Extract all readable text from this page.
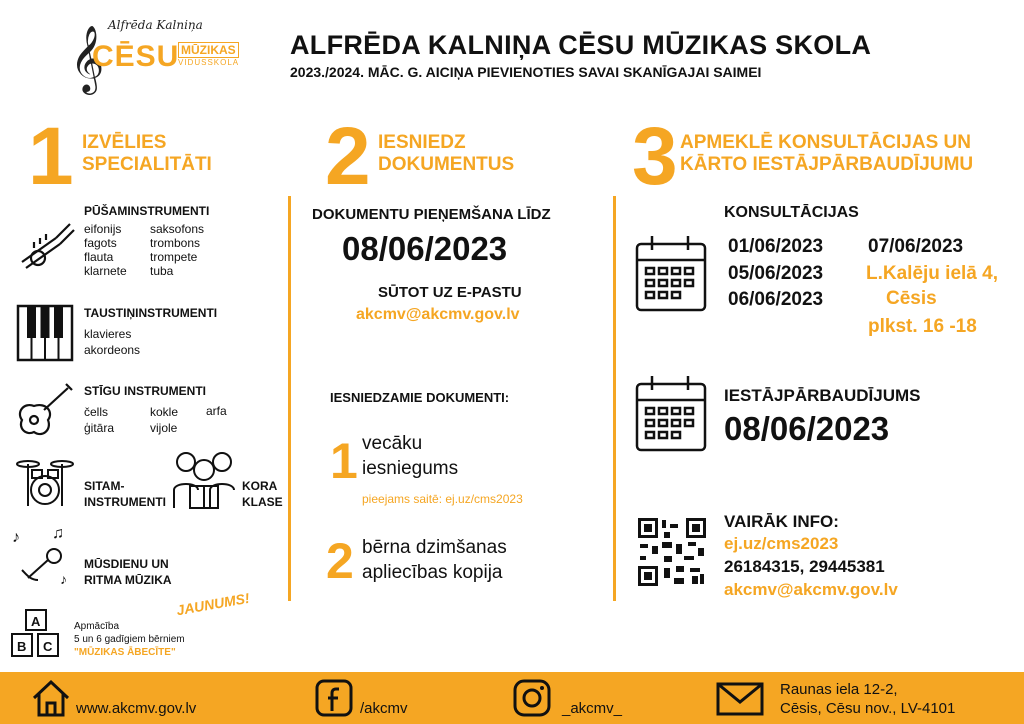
𝄞 Alfrēda Kalniņa
CĒSU MŪZIKAS
VIDUSSKOLA
ALFRĒDA KALNIŅA CĒSU MŪZIKAS SKOLA
2023./2024. MĀC. G. AICIŅA PIEVIENOTIES SAVAI SKANĪGAJAI SAIMEI
1 IZVĒLIES
SPECIALITĀTI
PŪŠAMINSTRUMENTI
eifonijs
fagots
flauta
klarnete
saksofons
trombons
trompete
tuba
TAUSTIŅINSTRUMENTI
klavieres
akordeons
STĪGU INSTRUMENTI
čells
ģitāra
kokle
vijole
arfa
SITAM-
INSTRUMENTI
KORA
KLASE
♪ ♫
♪
MŪSDIENU UN
RITMA MŪZIKA
A
B C
JAUNUMS!
Apmācība
5 un 6 gadīgiem bērniem
"MŪZIKAS ĀBECĪTE"
2 IESNIEDZ
DOKUMENTUS
DOKUMENTU PIEŅEMŠANA LĪDZ
08/06/2023
SŪTOT UZ E-PASTU
akcmv@akcmv.gov.lv
IESNIEDZAMIE DOKUMENTI:
1 vecāku
iesniegums
pieejams saitē: ej.uz/cms2023
2 bērna dzimšanas
apliecības kopija
3 APMEKLĒ KONSULTĀCIJAS UN
KĀRTO IESTĀJPĀRBAUDĪJUMU
KONSULTĀCIJAS
01/06/2023
05/06/2023
06/06/2023
07/06/2023
L.Kalēju ielā 4,
Cēsis
plkst. 16 -18
IESTĀJPĀRBAUDĪJUMS
08/06/2023
VAIRĀK INFO:
ej.uz/cms2023
26184315, 29445381
akcmv@akcmv.gov.lv
www.akcmv.gov.lv	/akcmv	_akcmv_
Raunas iela 12-2,
Cēsis, Cēsu nov., LV-4101
